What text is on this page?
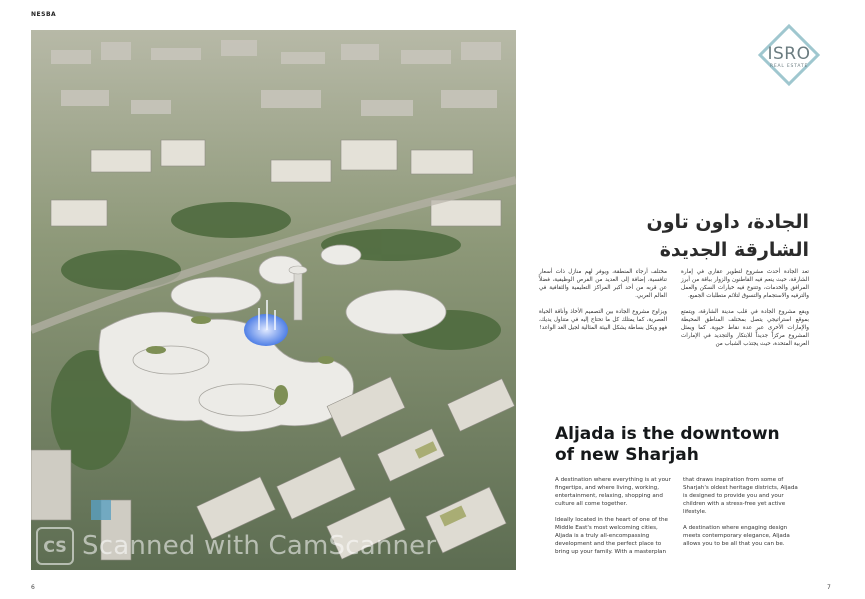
NESBA
CS Scanned with CamScanner
ISRO
REAL ESTATE
الجادة، داون تاون
الشارقة الجديدة

تعد الجادة أحدث مشروع لتطوير عقاري في إمارة الشارقة، حيث ينعم فيه القاطنون والزوار بباقة من أبرز المرافق والخدمات، وتتنوع فيه خيارات السكن والعمل والترفيه والاستجمام والتسوق لتلائم متطلبات الجميع.

ويقع مشروع الجادة في قلب مدينة الشارقة، ويتمتع بموقع استراتيجي يتصل بمختلف المناطق المحيطة والإمارات الأخرى عبر عدة نقاط حيوية. كما ويمثل المشروع مركزاً جديداً للابتكار والتجديد في الإمارات العربية المتحدة، حيث يجتذب الشباب من

مختلف أرجاء المنطقة، ويوفر لهم منازل ذات أسعار تنافسية، إضافة إلى العديد من الفرص الوظيفية، فضلاً عن قربه من أحد أكبر المراكز التعليمية والثقافية في العالم العربي.

ويزاوج مشروع الجادة بين التصميم الأخاذ وأناقة الحياة العصرية، كما يمتلك كل ما تحتاج إليه في متناول يديك، فهو ويكل بساطة يشكل البيئة المثالية لجيل الغد الواعد!

Aljada is the downtown
of new Sharjah

A destination where everything is at your fingertips, and where living, working, entertainment, relaxing, shopping and culture all come together.

Ideally located in the heart of one of the Middle East's most welcoming cities, Aljada is a truly all-encompassing development and the perfect place to bring up your family. With a masterplan

that draws inspiration from some of Sharjah's oldest heritage districts, Aljada is designed to provide you and your children with a stress-free yet active lifestyle.

A destination where engaging design meets contemporary elegance, Aljada allows you to be all that you can be.

6	7
